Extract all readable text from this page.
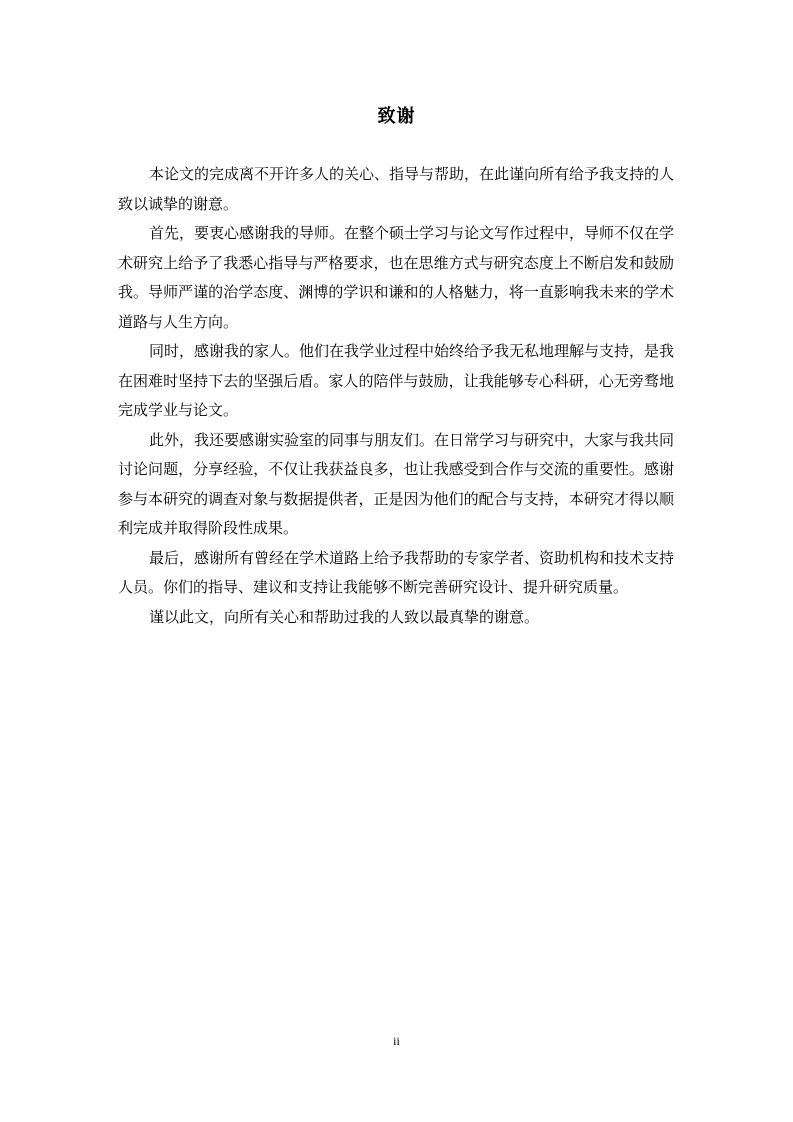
致谢

本论文的完成离不开许多人的关心、指导与帮助，在此谨向所有给予我支持的人致以诚挚的谢意。

首先，要衷心感谢我的导师。在整个硕士学习与论文写作过程中，导师不仅在学术研究上给予了我悉心指导与严格要求，也在思维方式与研究态度上不断启发和鼓励我。导师严谨的治学态度、渊博的学识和谦和的人格魅力，将一直影响我未来的学术道路与人生方向。

同时，感谢我的家人。他们在我学业过程中始终给予我无私地理解与支持，是我在困难时坚持下去的坚强后盾。家人的陪伴与鼓励，让我能够专心科研，心无旁骛地完成学业与论文。

此外，我还要感谢实验室的同事与朋友们。在日常学习与研究中，大家与我共同讨论问题，分享经验，不仅让我获益良多，也让我感受到合作与交流的重要性。感谢参与本研究的调查对象与数据提供者，正是因为他们的配合与支持，本研究才得以顺利完成并取得阶段性成果。

最后，感谢所有曾经在学术道路上给予我帮助的专家学者、资助机构和技术支持人员。你们的指导、建议和支持让我能够不断完善研究设计、提升研究质量。

谨以此文，向所有关心和帮助过我的人致以最真挚的谢意。

ii
